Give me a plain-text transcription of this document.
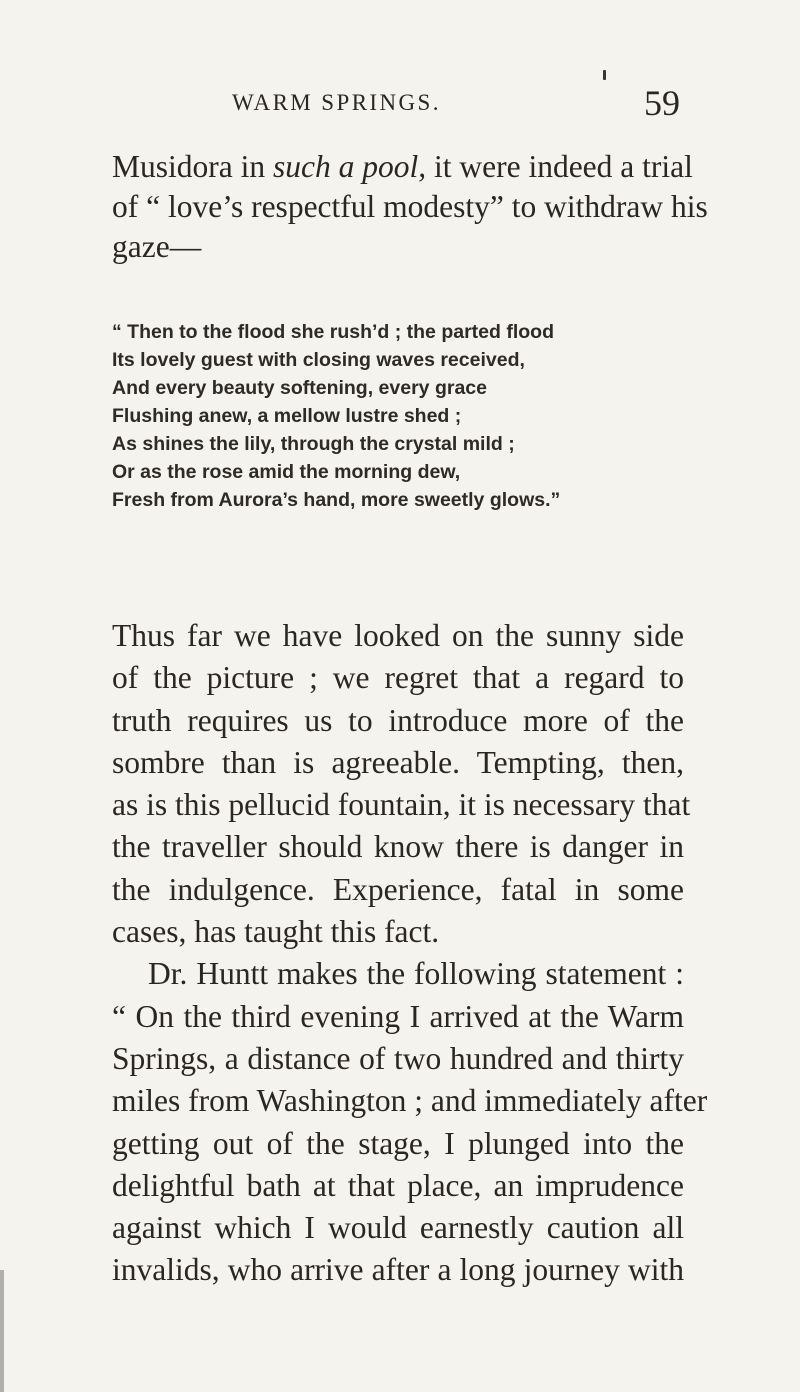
WARM SPRINGS.	59

Musidora in such a pool, it were indeed a trial
of “ love’s respectful modesty” to withdraw his
gaze—

“ Then to the flood she rush’d ; the parted flood
Its lovely guest with closing waves received,
And every beauty softening, every grace
Flushing anew, a mellow lustre shed ;
As shines the lily, through the crystal mild ;
Or as the rose amid the morning dew,
Fresh from Aurora’s hand, more sweetly glows.”

Thus far we have looked on the sunny side
of the picture ; we regret that a regard to
truth requires us to introduce more of the
sombre than is agreeable. Tempting, then,
as is this pellucid fountain, it is necessary that
the traveller should know there is danger in
the indulgence. Experience, fatal in some
cases, has taught this fact.
Dr. Huntt makes the following statement :
“ On the third evening I arrived at the Warm
Springs, a distance of two hundred and thirty
miles from Washington ; and immediately after
getting out of the stage, I plunged into the
delightful bath at that place, an imprudence
against which I would earnestly caution all
invalids, who arrive after a long journey with
